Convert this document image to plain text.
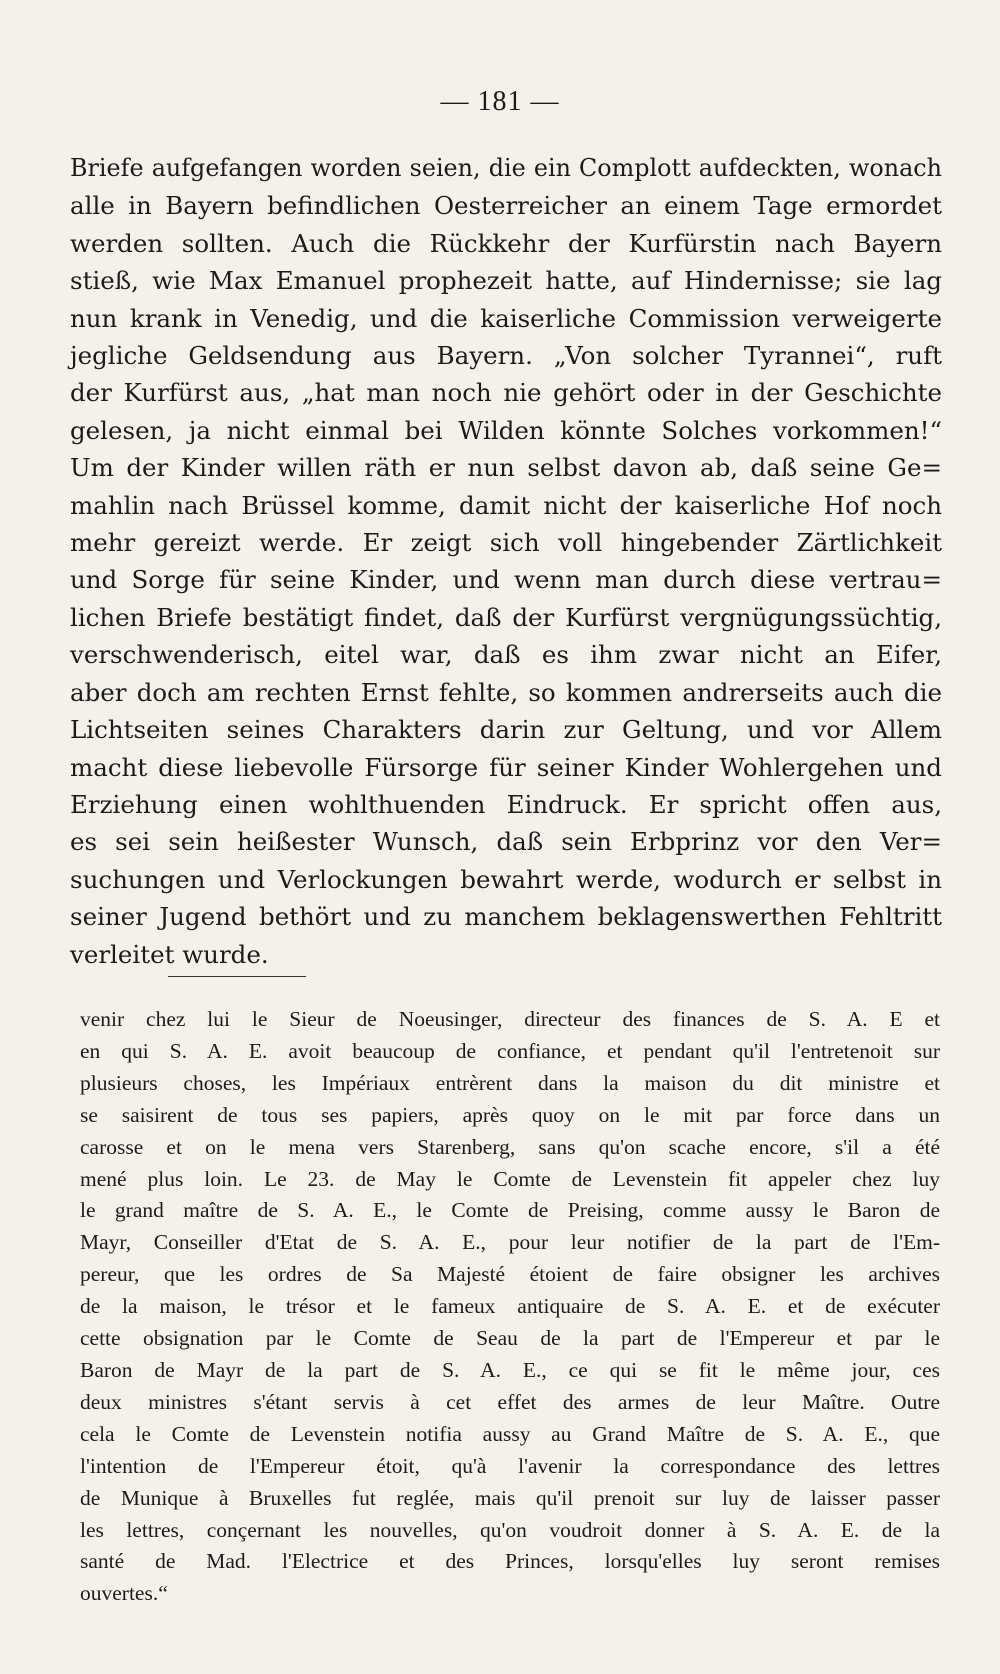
— 181 —
Briefe aufgefangen worden seien, die ein Complott aufdeckten, wonach
alle in Bayern befindlichen Oesterreicher an einem Tage ermordet
werden sollten. Auch die Rückkehr der Kurfürstin nach Bayern
stieß, wie Max Emanuel prophezeit hatte, auf Hindernisse; sie lag
nun krank in Venedig, und die kaiserliche Commission verweigerte
jegliche Geldsendung aus Bayern. „Von solcher Tyrannei“, ruft
der Kurfürst aus, „hat man noch nie gehört oder in der Geschichte
gelesen, ja nicht einmal bei Wilden könnte Solches vorkommen!“
Um der Kinder willen räth er nun selbst davon ab, daß seine Ge=
mahlin nach Brüssel komme, damit nicht der kaiserliche Hof noch
mehr gereizt werde. Er zeigt sich voll hingebender Zärtlichkeit
und Sorge für seine Kinder, und wenn man durch diese vertrau=
lichen Briefe bestätigt findet, daß der Kurfürst vergnügungssüchtig,
verschwenderisch, eitel war, daß es ihm zwar nicht an Eifer,
aber doch am rechten Ernst fehlte, so kommen andrerseits auch die
Lichtseiten seines Charakters darin zur Geltung, und vor Allem
macht diese liebevolle Fürsorge für seiner Kinder Wohlergehen und
Erziehung einen wohlthuenden Eindruck. Er spricht offen aus,
es sei sein heißester Wunsch, daß sein Erbprinz vor den Ver=
suchungen und Verlockungen bewahrt werde, wodurch er selbst in
seiner Jugend bethört und zu manchem beklagenswerthen Fehltritt
verleitet wurde.
venir chez lui le Sieur de Noeusinger, directeur des finances de S. A. E et
en qui S. A. E. avoit beaucoup de confiance, et pendant qu'il l'entretenoit sur
plusieurs choses, les Impériaux entrèrent dans la maison du dit ministre et
se saisirent de tous ses papiers, après quoy on le mit par force dans un
carosse et on le mena vers Starenberg, sans qu'on scache encore, s'il a été
mené plus loin. Le 23. de May le Comte de Levenstein fit appeler chez luy
le grand maître de S. A. E., le Comte de Preising, comme aussy le Baron de
Mayr, Conseiller d'Etat de S. A. E., pour leur notifier de la part de l'Em-
pereur, que les ordres de Sa Majesté étoient de faire obsigner les archives
de la maison, le trésor et le fameux antiquaire de S. A. E. et de exécuter
cette obsignation par le Comte de Seau de la part de l'Empereur et par le
Baron de Mayr de la part de S. A. E., ce qui se fit le même jour, ces
deux ministres s'étant servis à cet effet des armes de leur Maître. Outre
cela le Comte de Levenstein notifia aussy au Grand Maître de S. A. E., que
l'intention de l'Empereur étoit, qu'à l'avenir la correspondance des lettres
de Munique à Bruxelles fut reglée, mais qu'il prenoit sur luy de laisser passer
les lettres, conçernant les nouvelles, qu'on voudroit donner à S. A. E. de la
santé de Mad. l'Electrice et des Princes, lorsqu'elles luy seront remises
ouvertes.“
